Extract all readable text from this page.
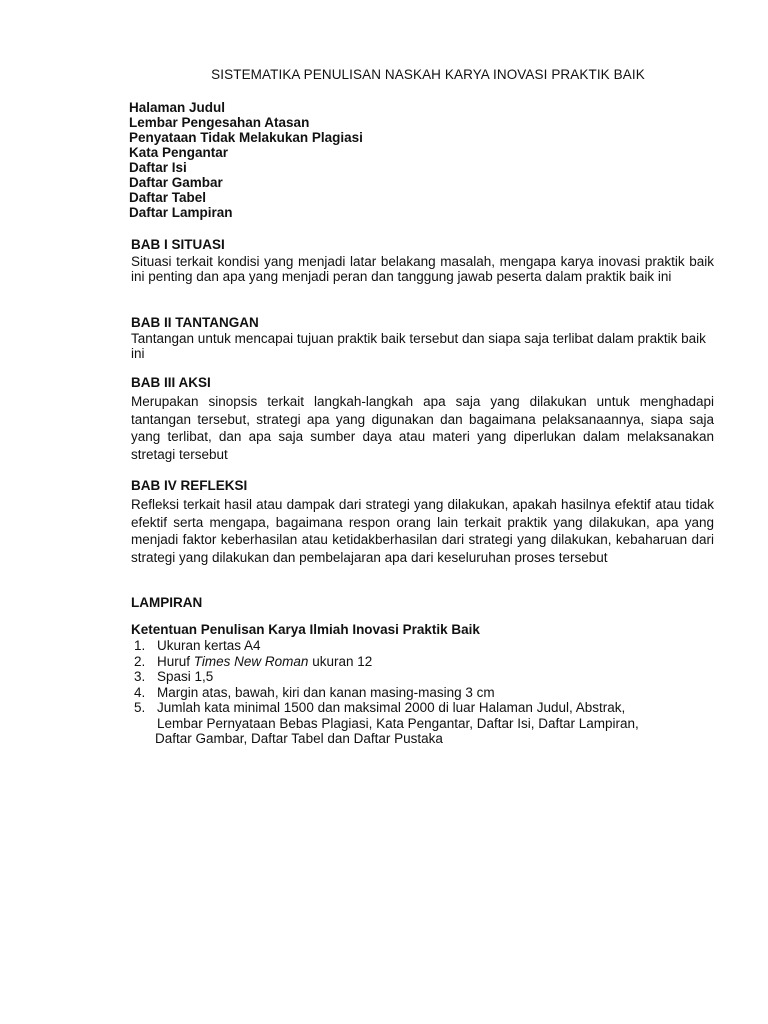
SISTEMATIKA PENULISAN NASKAH KARYA INOVASI PRAKTIK BAIK
Halaman Judul
Lembar Pengesahan Atasan
Penyataan Tidak Melakukan Plagiasi
Kata Pengantar
Daftar Isi
Daftar Gambar
Daftar Tabel
Daftar Lampiran
BAB I SITUASI

Situasi terkait kondisi yang menjadi latar belakang masalah, mengapa karya inovasi praktik baik ini penting dan apa yang menjadi peran dan tanggung jawab peserta dalam praktik baik ini

BAB II TANTANGAN

Tantangan untuk mencapai tujuan praktik baik tersebut dan siapa saja terlibat dalam praktik baik ini

BAB III AKSI

Merupakan sinopsis terkait langkah-langkah apa saja yang dilakukan untuk menghadapi tantangan tersebut, strategi apa yang digunakan dan bagaimana pelaksanaannya, siapa saja yang terlibat, dan apa saja sumber daya atau materi yang diperlukan dalam melaksanakan stretagi tersebut

BAB IV REFLEKSI

Refleksi terkait hasil atau dampak dari strategi yang dilakukan, apakah hasilnya efektif atau tidak efektif serta mengapa, bagaimana respon orang lain terkait praktik yang dilakukan, apa yang menjadi faktor keberhasilan atau ketidakberhasilan dari strategi yang dilakukan, kebaharuan dari strategi yang dilakukan dan pembelajaran apa dari keseluruhan proses tersebut

LAMPIRAN
Ketentuan Penulisan Karya Ilmiah Inovasi Praktik Baik
1. Ukuran kertas A4
2. Huruf Times New Roman ukuran 12
3. Spasi 1,5
4. Margin atas, bawah, kiri dan kanan masing-masing 3 cm
5. Jumlah kata minimal 1500 dan maksimal 2000 di luar Halaman Judul, Abstrak,
Lembar Pernyataan Bebas Plagiasi, Kata Pengantar, Daftar Isi, Daftar Lampiran,
Daftar Gambar, Daftar Tabel dan Daftar Pustaka
